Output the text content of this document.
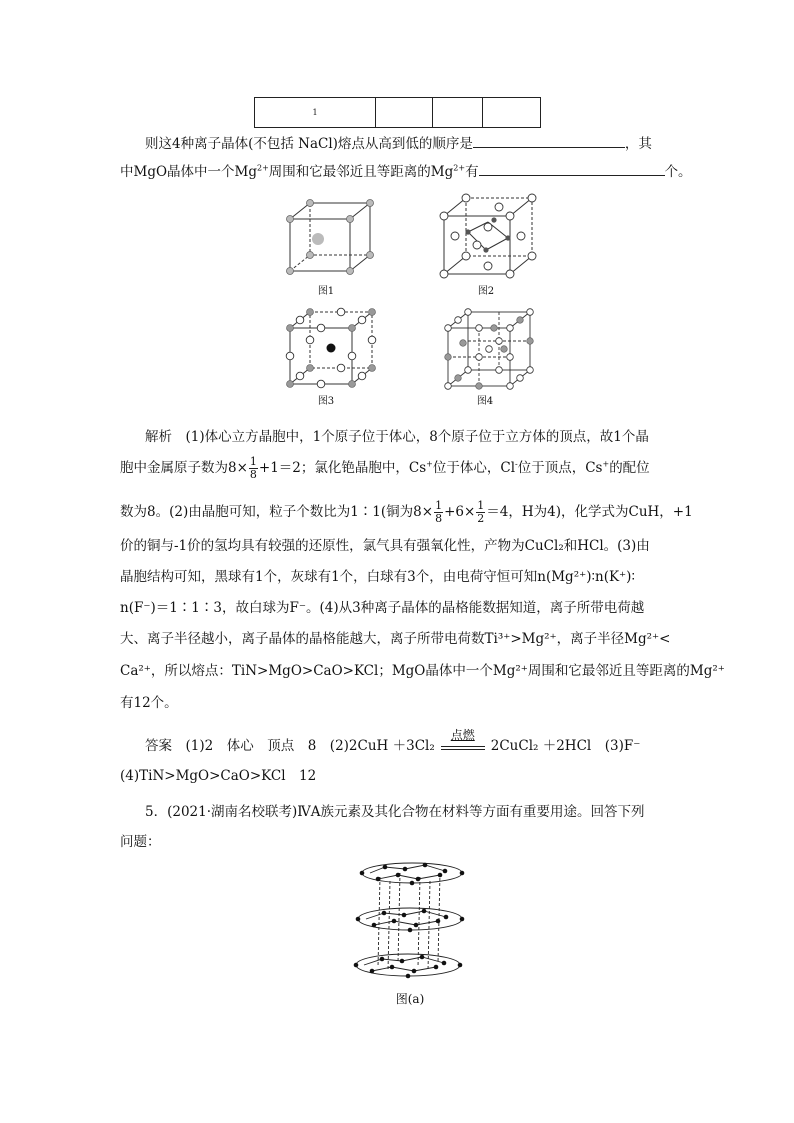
1			
则这4种离子晶体(不包括 NaCl)熔点从高到低的顺序是	，其
中MgO晶体中一个$Mg^{2+}$周围和它最邻近且等距离的$Mg^{2+}$有	个。
图1	图2
图3	图4
解析　 (1)体心立方晶胞中，1个原子位于体心，8个原子位于立方体的顶点，故1个晶
胞中金属原子数为$8\times \frac{1}{8} +1=2$；氯化铯晶胞中，Cs+位于体心，Cl-位于顶点，Cs+的配位
数为8。(2)由晶胞可知，粒子个数比为1∶1(铜为$8\times \frac{1}{8} +6\times \frac{1}{2} =4$，H为4)，化学式为CuH，+1
价的铜与-1价的氢均具有较强的还原性，氯气具有强氧化性，产物为CuCl₂和HCl。(3)由
晶胞结构可知，黑球有1个，灰球有1个，白球有3个，由电荷守恒可知n(Mg²⁺)∶n(K⁺)∶
n(F⁻)＝1∶1∶3，故白球为F⁻。(4)从3种离子晶体的晶格能数据知道，离子所带电荷越
大、离子半径越小，离子晶体的晶格能越大，离子所带电荷数Ti³⁺>Mg²⁺，离子半径Mg²⁺<
Ca²⁺，所以熔点：TiN>MgO>CaO>KCl；MgO晶体中一个Mg²⁺周围和它最邻近且等距离的Mg²⁺
有12个。
答案　 (1)2　体心　顶点　8　(2)2CuH ＋3Cl₂
点燃
2CuCl₂ ＋2HCl　(3)F⁻
(4)TiN>MgO>CaO>KCl　12
5．(2021·湖南名校联考)ⅣA族元素及其化合物在材料等方面有重要用途。回答下列
问题：
图(a)
